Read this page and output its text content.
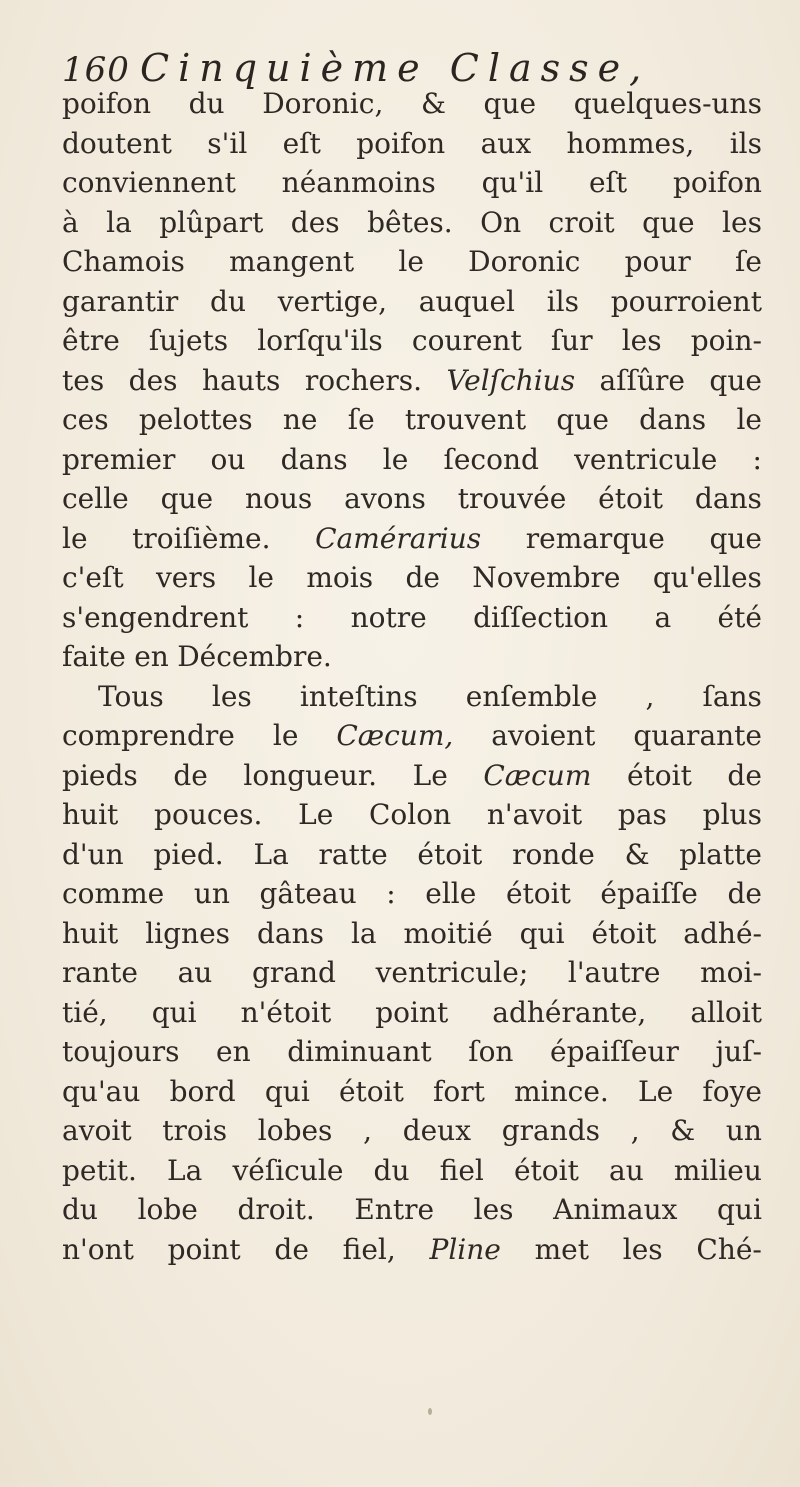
160 Cinquième Classe,
poifon du Doronic, & que quelques-uns
doutent s'il eſt poifon aux hommes, ils
conviennent néanmoins qu'il eſt poifon
à la plûpart des bêtes. On croit que les
Chamois mangent le Doronic pour ſe
garantir du vertige, auquel ils pourroient
être ſujets lorſqu'ils courent ſur les poin-
tes des hauts rochers. Velſchius aſſûre que
ces pelottes ne ſe trouvent que dans le
premier ou dans le ſecond ventricule :
celle que nous avons trouvée étoit dans
le troiſième. Camérarius remarque que
c'eſt vers le mois de Novembre qu'elles
s'engendrent : notre diſſection a été
faite en Décembre.
Tous les inteſtins enſemble , ſans
comprendre le Cæcum, avoient quarante
pieds de longueur. Le Cæcum étoit de
huit pouces. Le Colon n'avoit pas plus
d'un pied. La ratte étoit ronde & platte
comme un gâteau : elle étoit épaiſſe de
huit lignes dans la moitié qui étoit adhé-
rante au grand ventricule; l'autre moi-
tié, qui n'étoit point adhérante, alloit
toujours en diminuant ſon épaiſſeur juſ-
qu'au bord qui étoit fort mince. Le foye
avoit trois lobes , deux grands , & un
petit. La véſicule du fiel étoit au milieu
du lobe droit. Entre les Animaux qui
n'ont point de fiel, Pline met les Ché-
